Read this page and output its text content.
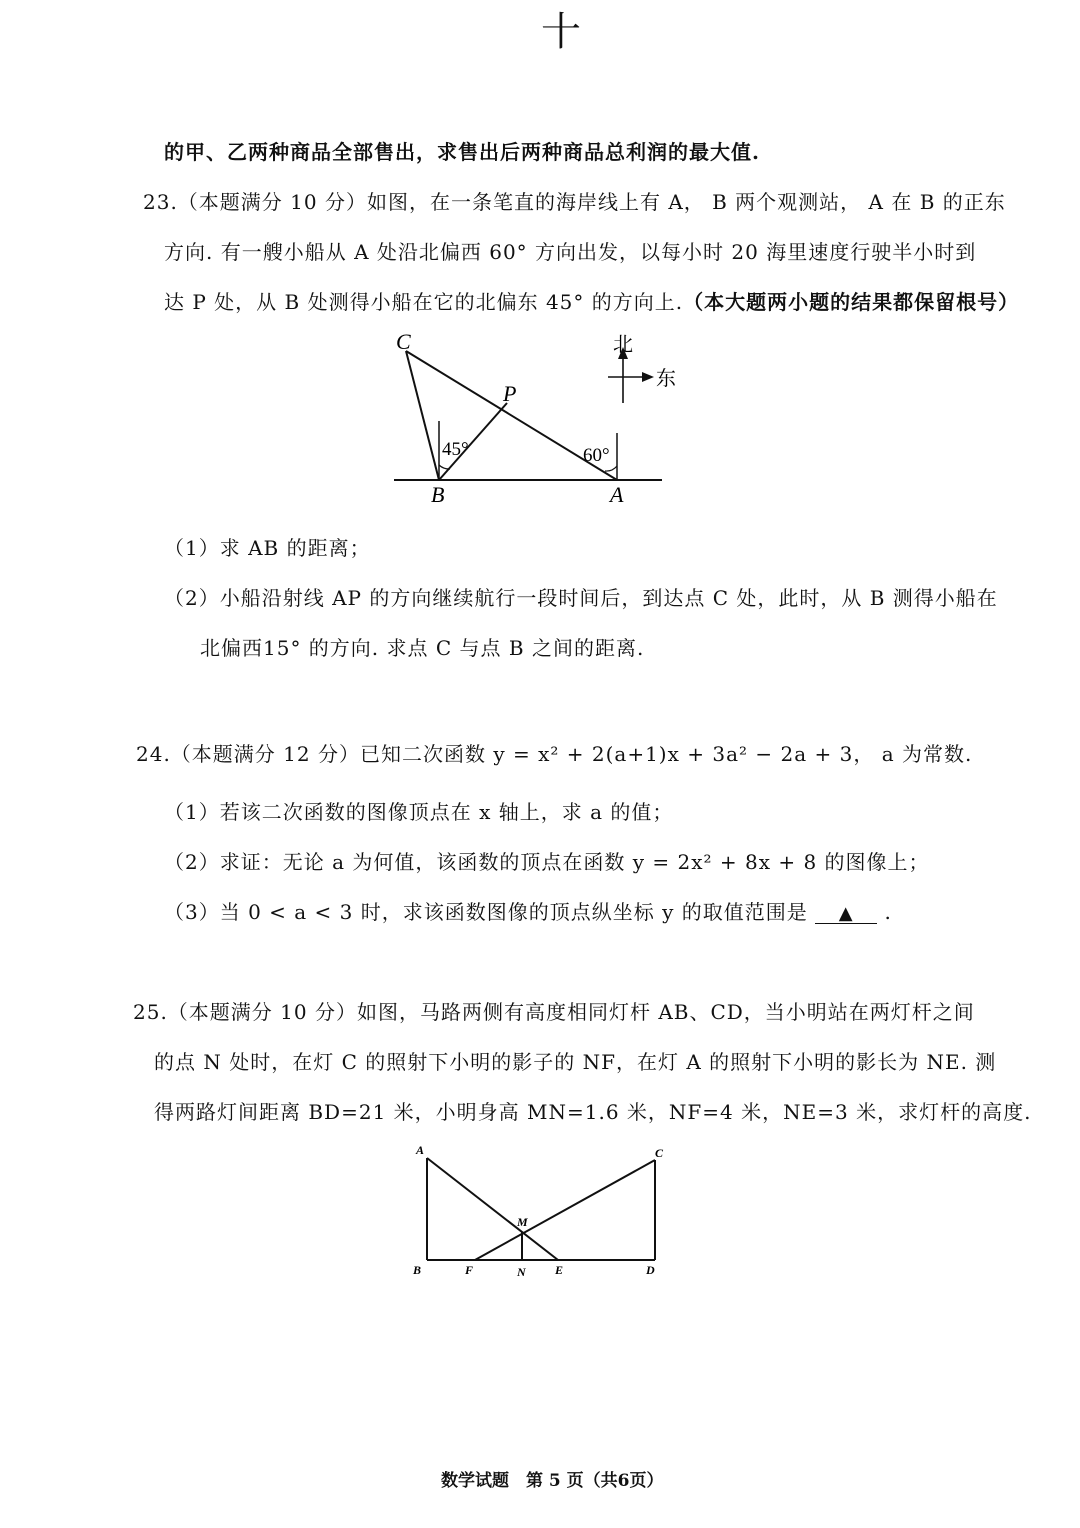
十
的甲、乙两种商品全部售出，求售出后两种商品总利润的最大值.
23.（本题满分 10 分）如图，在一条笔直的海岸线上有 A， B 两个观测站， A 在 B 的正东
方向. 有一艘小船从 A 处沿北偏西 60° 方向出发，以每小时 20 海里速度行驶半小时到
达 P 处，从 B 处测得小船在它的北偏东 45° 的方向上.（本大题两小题的结果都保留根号）
C
P
B	A
45°	60°
北
东
（1）求 AB 的距离；
（2）小船沿射线 AP 的方向继续航行一段时间后，到达点 C 处，此时，从 B 测得小船在
北偏西15° 的方向. 求点 C 与点 B 之间的距离.
24.（本题满分 12 分）已知二次函数 y = x² + 2(a+1)x + 3a² − 2a + 3， a 为常数.
（1）若该二次函数的图像顶点在 x 轴上，求 a 的值；
（2）求证：无论 a 为何值，该函数的顶点在函数 y = 2x² + 8x + 8 的图像上；
（3）当 0 < a < 3 时，求该函数图像的顶点纵坐标 y 的取值范围是 ▲ .
25.（本题满分 10 分）如图，马路两侧有高度相同灯杆 AB、CD，当小明站在两灯杆之间
的点 N 处时，在灯 C 的照射下小明的影子的 NF，在灯 A 的照射下小明的影长为 NE. 测
得两路灯间距离 BD=21 米，小明身高 MN=1.6 米，NF=4 米，NE=3 米，求灯杆的高度.
A	C
M
B	F	N E	D
数学试题　第 5 页（共6页）
